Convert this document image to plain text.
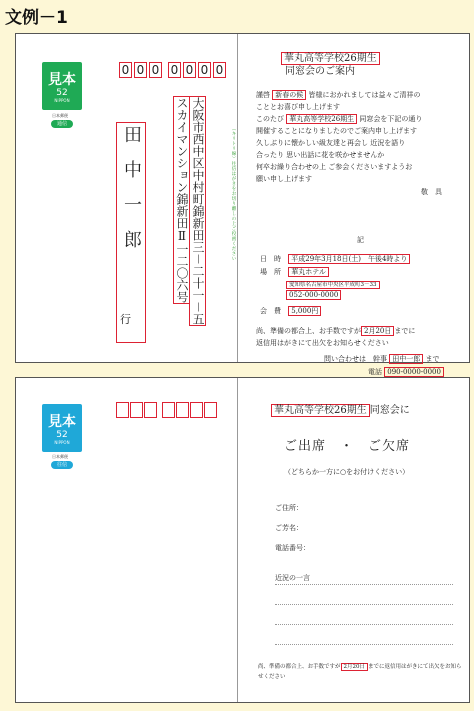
文例－1
見本
52
NIPPON
日本郵便
通信
0 0 0 0 0 0 0
田中一郎
行	大阪市西中区中村町錦新田三－二十一－五
スカイマンション錦新田Ⅱ一二〇六号	（キリトリ線）往信はがきをお切り離しの上ご投函ください
華丸高等学校26期生
同窓会のご案内
謹啓 新春の候 皆様におかれましては益々ご清祥の
こととお喜び申し上げます
このたび 華丸高等学校26期生 同窓会を下記の通り
開催することになりましたのでご案内申し上げます
久しぶりに懐かしい級友達と再会し 近況を語り
合ったり 思い出話に花を咲かせませんか
何卒お繰り合わせの上 ご参会くださいますようお
願い申し上げます
敬　具
記
日　時 平成29年3月18日(土)　午後4時より
場　所 華丸ホテル
愛知県名古屋市中央区平成町3－33
052-000-0000
会　費 5,000円
尚、準備の都合上、お手数ですが 2月20日 までに
返信用はがきにて出欠をお知らせください
問い合わせは　幹事 田中一郎 まで
電話 090-0000-0000
見本
52
NIPPON
日本郵便
往信
華丸高等学校26期生 同窓会に
ご出席　・　ご欠席
（どちらか一方に○をお付けください）
ご住所：
ご芳名：
電話番号：
近況の一言
尚、準備の都合上、お手数ですが 2月20日 までに返信用はがきにて出欠をお知らせください
